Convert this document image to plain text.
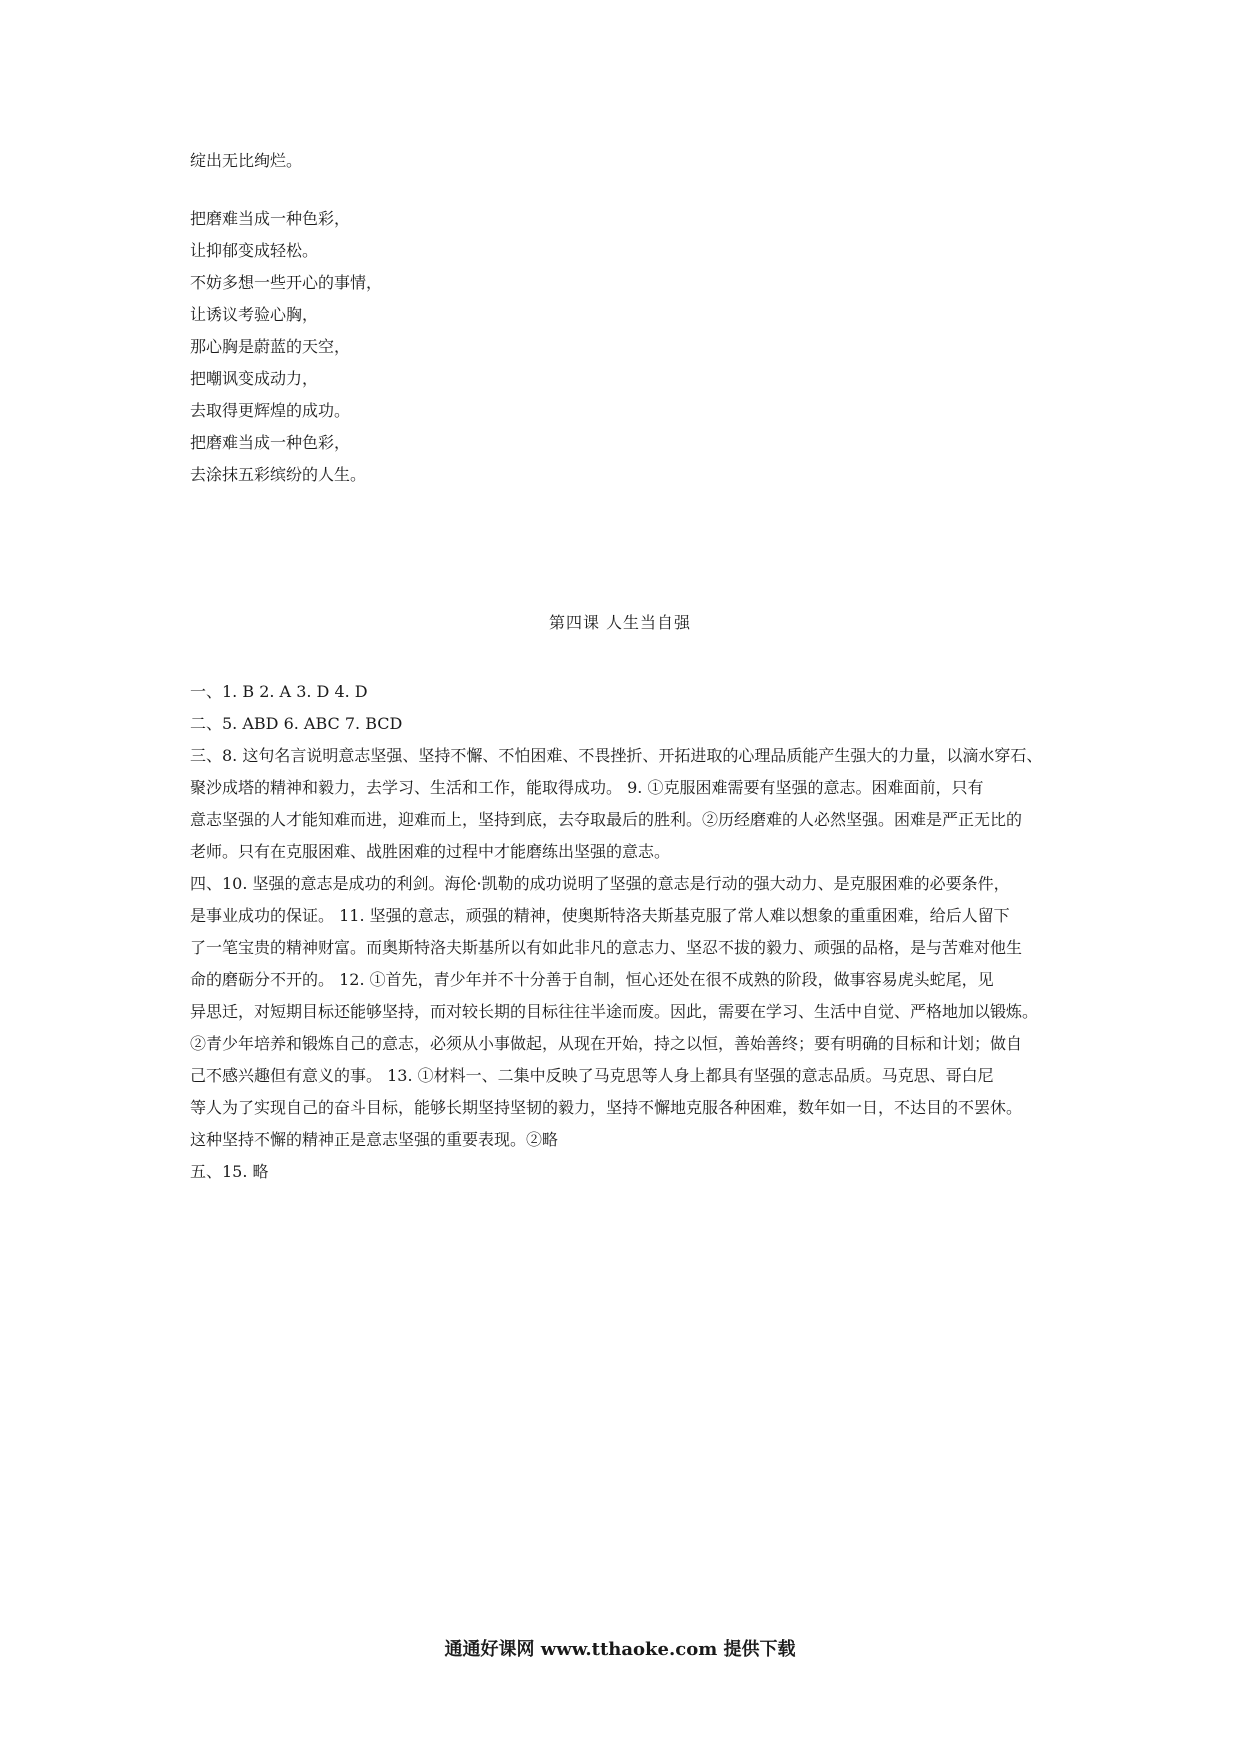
绽出无比绚烂。
把磨难当成一种色彩，
让抑郁变成轻松。
不妨多想一些开心的事情，
让诱议考验心胸，
那心胸是蔚蓝的天空，
把嘲讽变成动力，
去取得更辉煌的成功。
把磨难当成一种色彩，
去涂抹五彩缤纷的人生。
第四课 人生当自强
一、1. B 2. A 3. D 4. D
二、5. ABD 6. ABC 7. BCD
三、8. 这句名言说明意志坚强、坚持不懈、不怕困难、不畏挫折、开拓进取的心理品质能产生强大的力量，以滴水穿石、
聚沙成塔的精神和毅力，去学习、生活和工作，能取得成功。 9. ①克服困难需要有坚强的意志。困难面前，只有
意志坚强的人才能知难而进，迎难而上，坚持到底，去夺取最后的胜利。②历经磨难的人必然坚强。困难是严正无比的
老师。只有在克服困难、战胜困难的过程中才能磨练出坚强的意志。
四、10. 坚强的意志是成功的利剑。海伦·凯勒的成功说明了坚强的意志是行动的强大动力、是克服困难的必要条件，
是事业成功的保证。 11. 坚强的意志，顽强的精神，使奥斯特洛夫斯基克服了常人难以想象的重重困难，给后人留下
了一笔宝贵的精神财富。而奥斯特洛夫斯基所以有如此非凡的意志力、坚忍不拔的毅力、顽强的品格，是与苦难对他生
命的磨砺分不开的。 12. ①首先，青少年并不十分善于自制，恒心还处在很不成熟的阶段，做事容易虎头蛇尾，见
异思迁，对短期目标还能够坚持，而对较长期的目标往往半途而废。因此，需要在学习、生活中自觉、严格地加以锻炼。
②青少年培养和锻炼自己的意志，必须从小事做起，从现在开始，持之以恒，善始善终；要有明确的目标和计划；做自
己不感兴趣但有意义的事。 13. ①材料一、二集中反映了马克思等人身上都具有坚强的意志品质。马克思、哥白尼
等人为了实现自己的奋斗目标，能够长期坚持坚韧的毅力，坚持不懈地克服各种困难，数年如一日，不达目的不罢休。
这种坚持不懈的精神正是意志坚强的重要表现。②略
五、15. 略
通通好课网 www.tthaoke.com 提供下载
